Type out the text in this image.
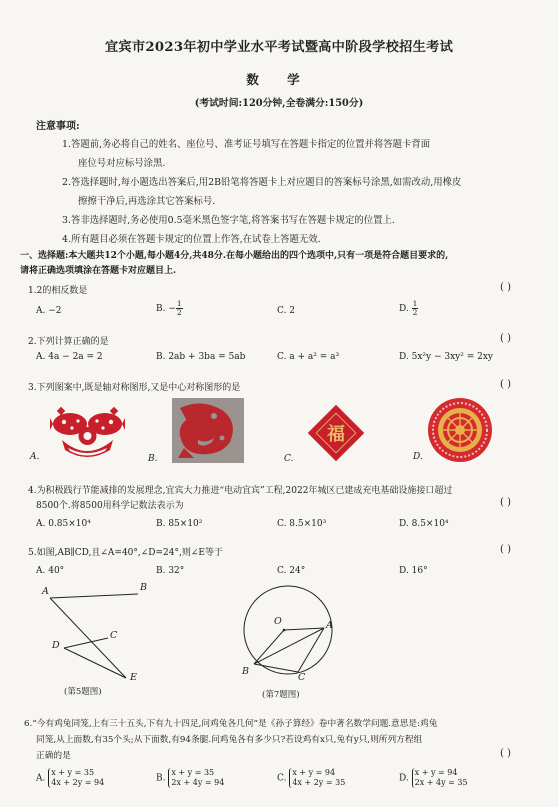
宜宾市2023年初中学业水平考试暨高中阶段学校招生考试
数 学
(考试时间:120分钟,全卷满分:150分)
注意事项:
1.答题前,务必将自己的姓名、座位号、准考证号填写在答题卡指定的位置并将答题卡背面
座位号对应标号涂黑.
2.答选择题时,每小题选出答案后,用2B铅笔将答题卡上对应题目的答案标号涂黑,如需改动,用橡皮
擦擦干净后,再选涂其它答案标号.
3.答非选择题时,务必使用0.5毫米黑色签字笔,将答案书写在答题卡规定的位置上.
4.所有题目必须在答题卡规定的位置上作答,在试卷上答题无效.
一、选择题:本大题共12个小题,每小题4分,共48分.在每小题给出的四个选项中,只有一项是符合题目要求的,
请将正确选项填涂在答题卡对应题目上.
1.2的相反数是	( )
A. −2	B. − $\frac{1}{2}$	C. 2	D. $\frac{1}{2}$
2.下列计算正确的是	( )
A. 4a − 2a = 2	B. 2ab + 3ba = 5ab	C. a + a² = a³	D. 5x²y − 3xy² = 2xy
3.下列图案中,既是轴对称图形,又是中心对称图形的是	( )
A.	B.
福
C.	D.
4.为积极践行节能减排的发展理念,宜宾大力推进“电动宜宾”工程,2022年城区已建成充电基础设施接口超过
8500个.将8500用科学记数法表示为	( )
A. 0.85×10⁴	B. 85×10²	C. 8.5×10³	D. 8.5×10⁴
5.如图,AB∥CD,且∠A=40°,∠D=24°,则∠E等于	( )
A. 40°	B. 32°	C. 24°	D. 16°
A	B
C
D
E
(第5题图)
O	A
B
C
(第7题图)
6.“今有鸡兔同笼,上有三十五头,下有九十四足,问鸡兔各几何”是《孙子算经》卷中著名数学问题.意思是:鸡兔
同笼,从上面数,有35个头;从下面数,有94条腿.问鸡兔各有多少只?若设鸡有x只,兔有y只,则所列方程组
正确的是	( )
A.
x + y = 35
4x + 2y = 94	B.
x + y = 35
2x + 4y = 94	C.
x + y = 94
4x + 2y = 35	D.
x + y = 94
2x + 4y = 35
